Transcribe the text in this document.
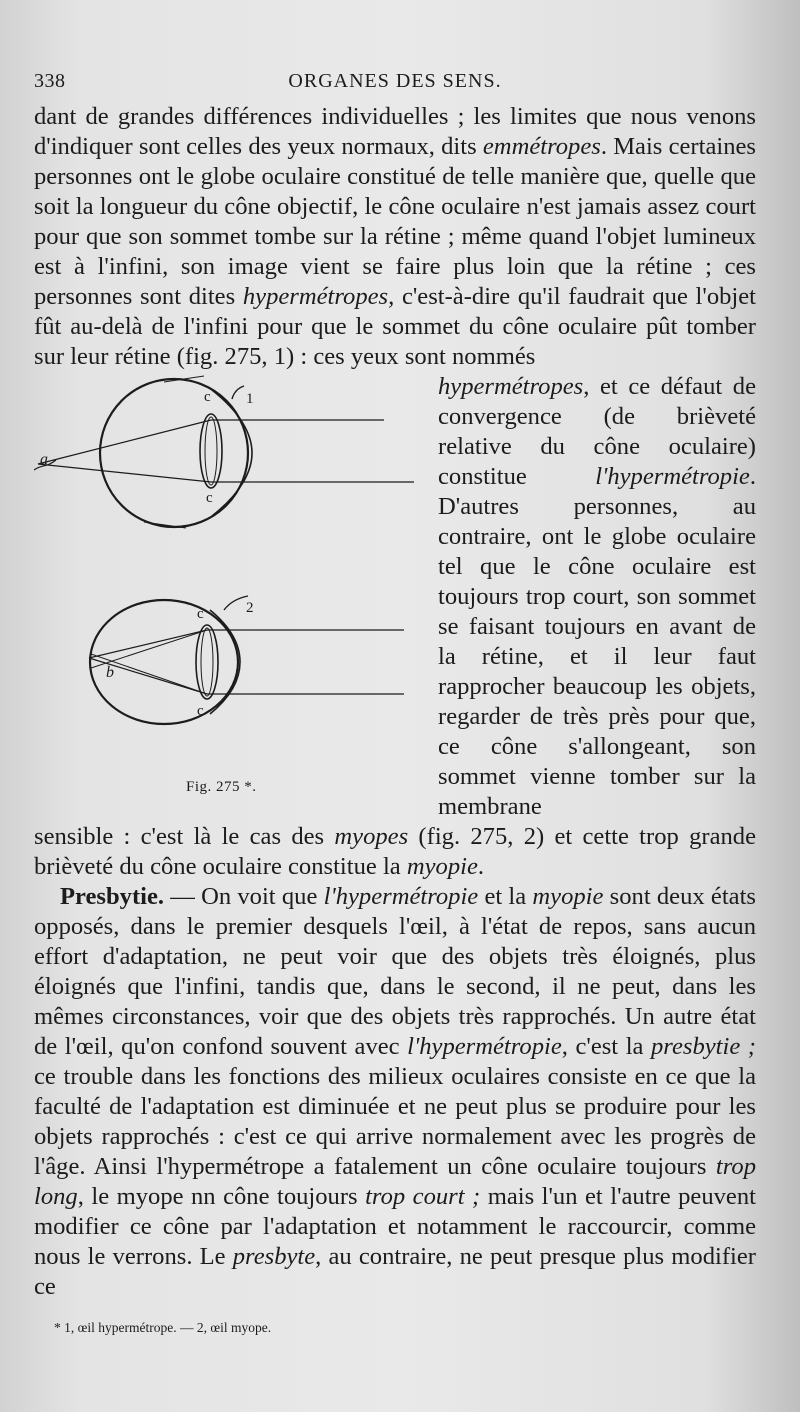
338	ORGANES DES SENS.

dant de grandes différences individuelles ; les limites que nous venons d'indiquer sont celles des yeux normaux, dits emmétropes. Mais certaines personnes ont le globe oculaire constitué de telle manière que, quelle que soit la longueur du cône objectif, le cône oculaire n'est jamais assez court pour que son sommet tombe sur la rétine ; même quand l'objet lumineux est à l'infini, son image vient se faire plus loin que la rétine ; ces personnes sont dites hypermétropes, c'est-à-dire qu'il faudrait que l'objet fût au-delà de l'infini pour que le sommet du cône oculaire pût tomber sur leur rétine (fig. 275, 1) : ces yeux sont nommés

c
c
1
a
c
c
2
b
Fig. 275 *.

hypermétropes, et ce défaut de convergence (de brièveté relative du cône oculaire) constitue l'hypermétropie. D'autres personnes, au contraire, ont le globe oculaire tel que le cône oculaire est toujours trop court, son sommet se faisant toujours en avant de la rétine, et il leur faut rapprocher beaucoup les objets, regarder de très près pour que, ce cône s'allongeant, son sommet vienne tomber sur la membrane

sensible : c'est là le cas des myopes (fig. 275, 2) et cette trop grande brièveté du cône oculaire constitue la myopie.

Presbytie. — On voit que l'hypermétropie et la myopie sont deux états opposés, dans le premier desquels l'œil, à l'état de repos, sans aucun effort d'adaptation, ne peut voir que des objets très éloignés, plus éloignés que l'infini, tandis que, dans le second, il ne peut, dans les mêmes circonstances, voir que des objets très rapprochés. Un autre état de l'œil, qu'on confond souvent avec l'hypermétropie, c'est la presbytie ; ce trouble dans les fonctions des milieux oculaires consiste en ce que la faculté de l'adaptation est diminuée et ne peut plus se produire pour les objets rapprochés : c'est ce qui arrive normalement avec les progrès de l'âge. Ainsi l'hypermétrope a fatalement un cône oculaire toujours trop long, le myope nn cône toujours trop court ; mais l'un et l'autre peuvent modifier ce cône par l'adaptation et notamment le raccourcir, comme nous le verrons. Le presbyte, au contraire, ne peut presque plus modifier ce

* 1, œil hypermétrope. — 2, œil myope.
